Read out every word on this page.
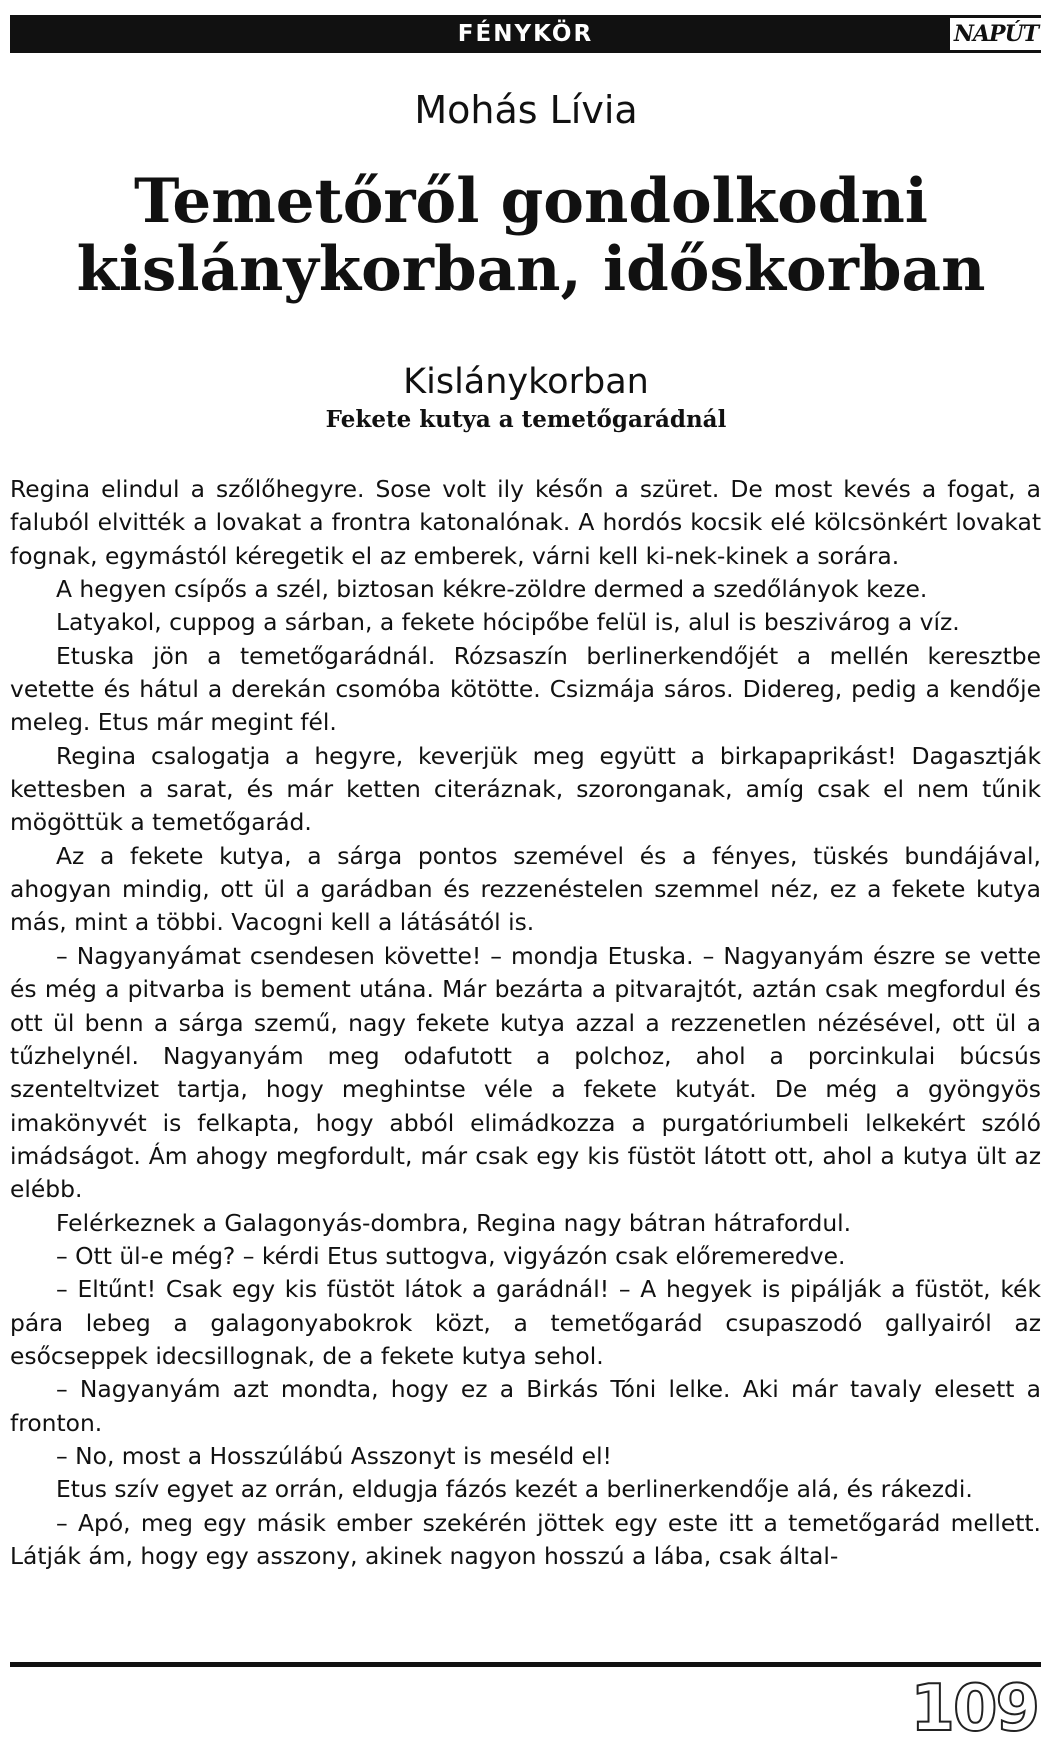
FÉNYKÖR	NAPÚT
Mohás Lívia
Temetőről gondolkodni kislánykorban, időskorban
Kislánykorban
Fekete kutya a temetőgarádnál

Regina elindul a szőlőhegyre. Sose volt ily későn a szüret. De most kevés a fogat, a faluból elvitték a lovakat a frontra katonalónak. A hordós kocsik elé kölcsönkért lovakat fognak, egymástól kéregetik el az emberek, várni kell ki-nek-kinek a sorára.

A hegyen csípős a szél, biztosan kékre-zöldre dermed a szedőlányok keze.

Latyakol, cuppog a sárban, a fekete hócipőbe felül is, alul is beszivárog a víz.

Etuska jön a temetőgarádnál. Rózsaszín berlinerkendőjét a mellén keresztbe vetette és hátul a derekán csomóba kötötte. Csizmája sáros. Didereg, pedig a kendője meleg. Etus már megint fél.

Regina csalogatja a hegyre, keverjük meg együtt a birkapaprikást! Dagasztják kettesben a sarat, és már ketten citeráznak, szoronganak, amíg csak el nem tűnik mögöttük a temetőgarád.

Az a fekete kutya, a sárga pontos szemével és a fényes, tüskés bundájával, ahogyan mindig, ott ül a garádban és rezzenéstelen szemmel néz, ez a fekete kutya más, mint a többi. Vacogni kell a látásától is.

– Nagyanyámat csendesen követte! – mondja Etuska. – Nagyanyám észre se vette és még a pitvarba is bement utána. Már bezárta a pitvarajtót, aztán csak megfordul és ott ül benn a sárga szemű, nagy fekete kutya azzal a rezzenetlen nézésével, ott ül a tűzhelynél. Nagyanyám meg odafutott a polchoz, ahol a porcinkulai búcsús szenteltvizet tartja, hogy meghintse véle a fekete kutyát. De még a gyöngyös imakönyvét is felkapta, hogy abból elimádkozza a purgatóriumbeli lelkekért szóló imádságot. Ám ahogy megfordult, már csak egy kis füstöt látott ott, ahol a kutya ült az elébb.

Felérkeznek a Galagonyás-dombra, Regina nagy bátran hátrafordul.

– Ott ül-e még? – kérdi Etus suttogva, vigyázón csak előremeredve.

– Eltűnt! Csak egy kis füstöt látok a garádnál! – A hegyek is pipálják a füstöt, kék pára lebeg a galagonyabokrok közt, a temetőgarád csupaszodó gallyairól az esőcseppek idecsillognak, de a fekete kutya sehol.

– Nagyanyám azt mondta, hogy ez a Birkás Tóni lelke. Aki már tavaly elesett a fronton.

– No, most a Hosszúlábú Asszonyt is meséld el!

Etus szív egyet az orrán, eldugja fázós kezét a berlinerkendője alá, és rákezdi.

– Apó, meg egy másik ember szekérén jöttek egy este itt a temetőgarád mellett. Látják ám, hogy egy asszony, akinek nagyon hosszú a lába, csak által-

109
